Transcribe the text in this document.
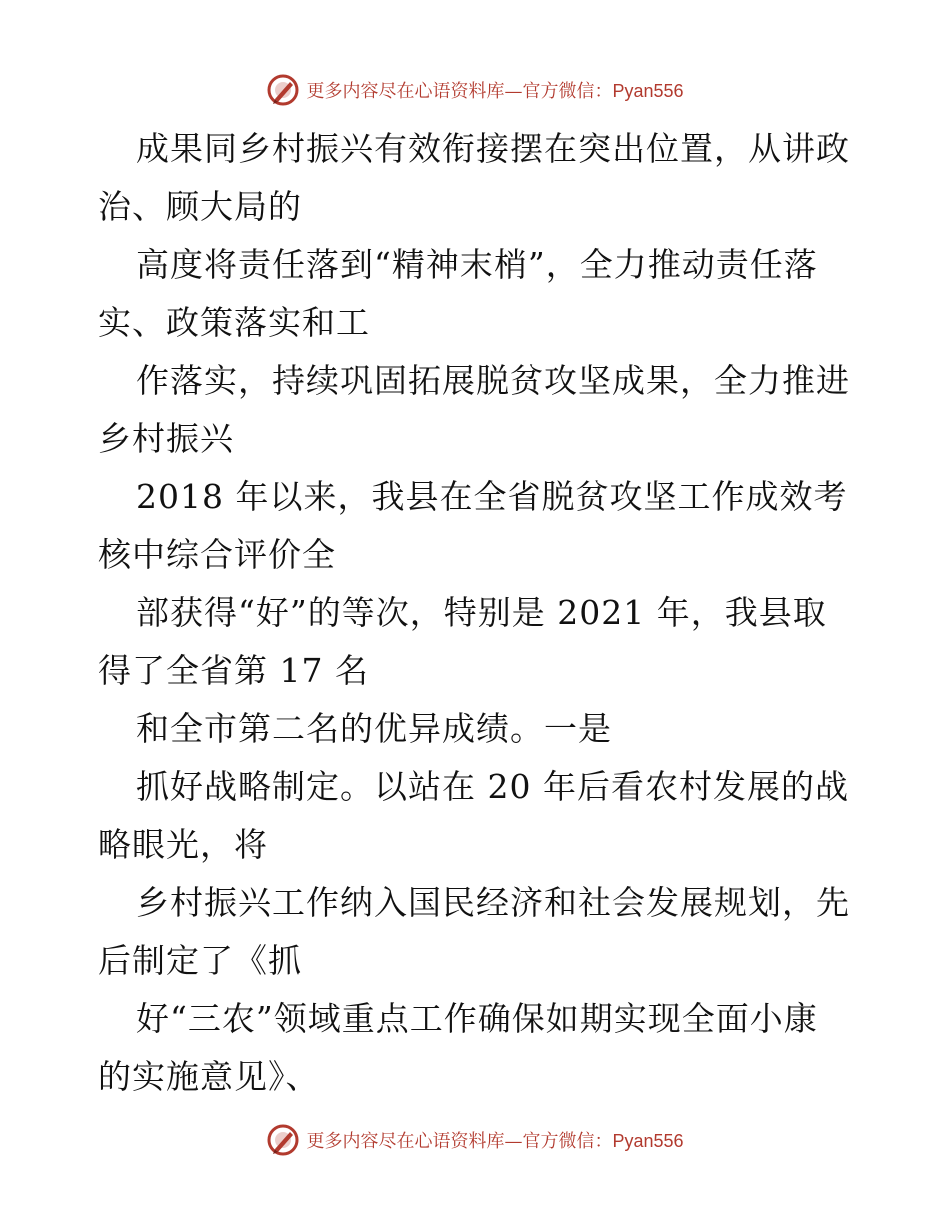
更多内容尽在心语资料库—官方微信：Pyan556
成果同乡村振兴有效衔接摆在突出位置，从讲政
治、顾大局的
高度将责任落到“精神末梢”，全力推动责任落
实、政策落实和工
作落实，持续巩固拓展脱贫攻坚成果，全力推进
乡村振兴
2018 年以来，我县在全省脱贫攻坚工作成效考
核中综合评价全
部获得“好”的等次，特别是 2021 年，我县取
得了全省第 17 名
和全市第二名的优异成绩。一是
抓好战略制定。以站在 20 年后看农村发展的战
略眼光，将
乡村振兴工作纳入国民经济和社会发展规划，先
后制定了《抓
好“三农”领域重点工作确保如期实现全面小康
的实施意见》、
更多内容尽在心语资料库—官方微信：Pyan556
